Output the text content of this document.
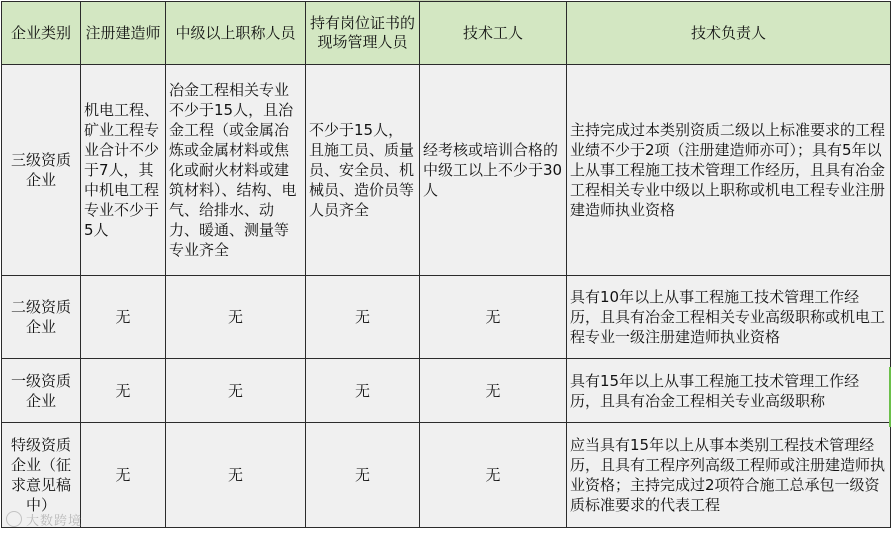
企业类别	注册建造师	中级以上职称人员	持有岗位证书的现场管理人员	技术工人	技术负责人
三级资质企业	机电工程、矿业工程专业合计不少于7人，其中机电工程专业不少于5人	冶金工程相关专业不少于15人，且冶金工程（或金属冶炼或金属材料或焦化或耐火材料或建筑材料）、结构、电气、给排水、动力、暖通、测量等专业齐全	不少于15人，且施工员、质量员、安全员、机械员、造价员等人员齐全	经考核或培训合格的中级工以上不少于30人	主持完成过本类别资质二级以上标准要求的工程业绩不少于2项（注册建造师亦可）；具有5年以上从事工程施工技术管理工作经历，且具有冶金工程相关专业中级以上职称或机电工程专业注册建造师执业资格
二级资质企业	无	无	无	无	具有10年以上从事工程施工技术管理工作经历，且具有冶金工程相关专业高级职称或机电工程专业一级注册建造师执业资格
一级资质企业	无	无	无	无	具有15年以上从事工程施工技术管理工作经历，且具有冶金工程相关专业高级职称
特级资质企业（征求意见稿中）	无	无	无	无	应当具有15年以上从事本类别工程技术管理经历，且具有工程序列高级工程师或注册建造师执业资格；主持完成过2项符合施工总承包一级资质标准要求的代表工程
大数跨境
